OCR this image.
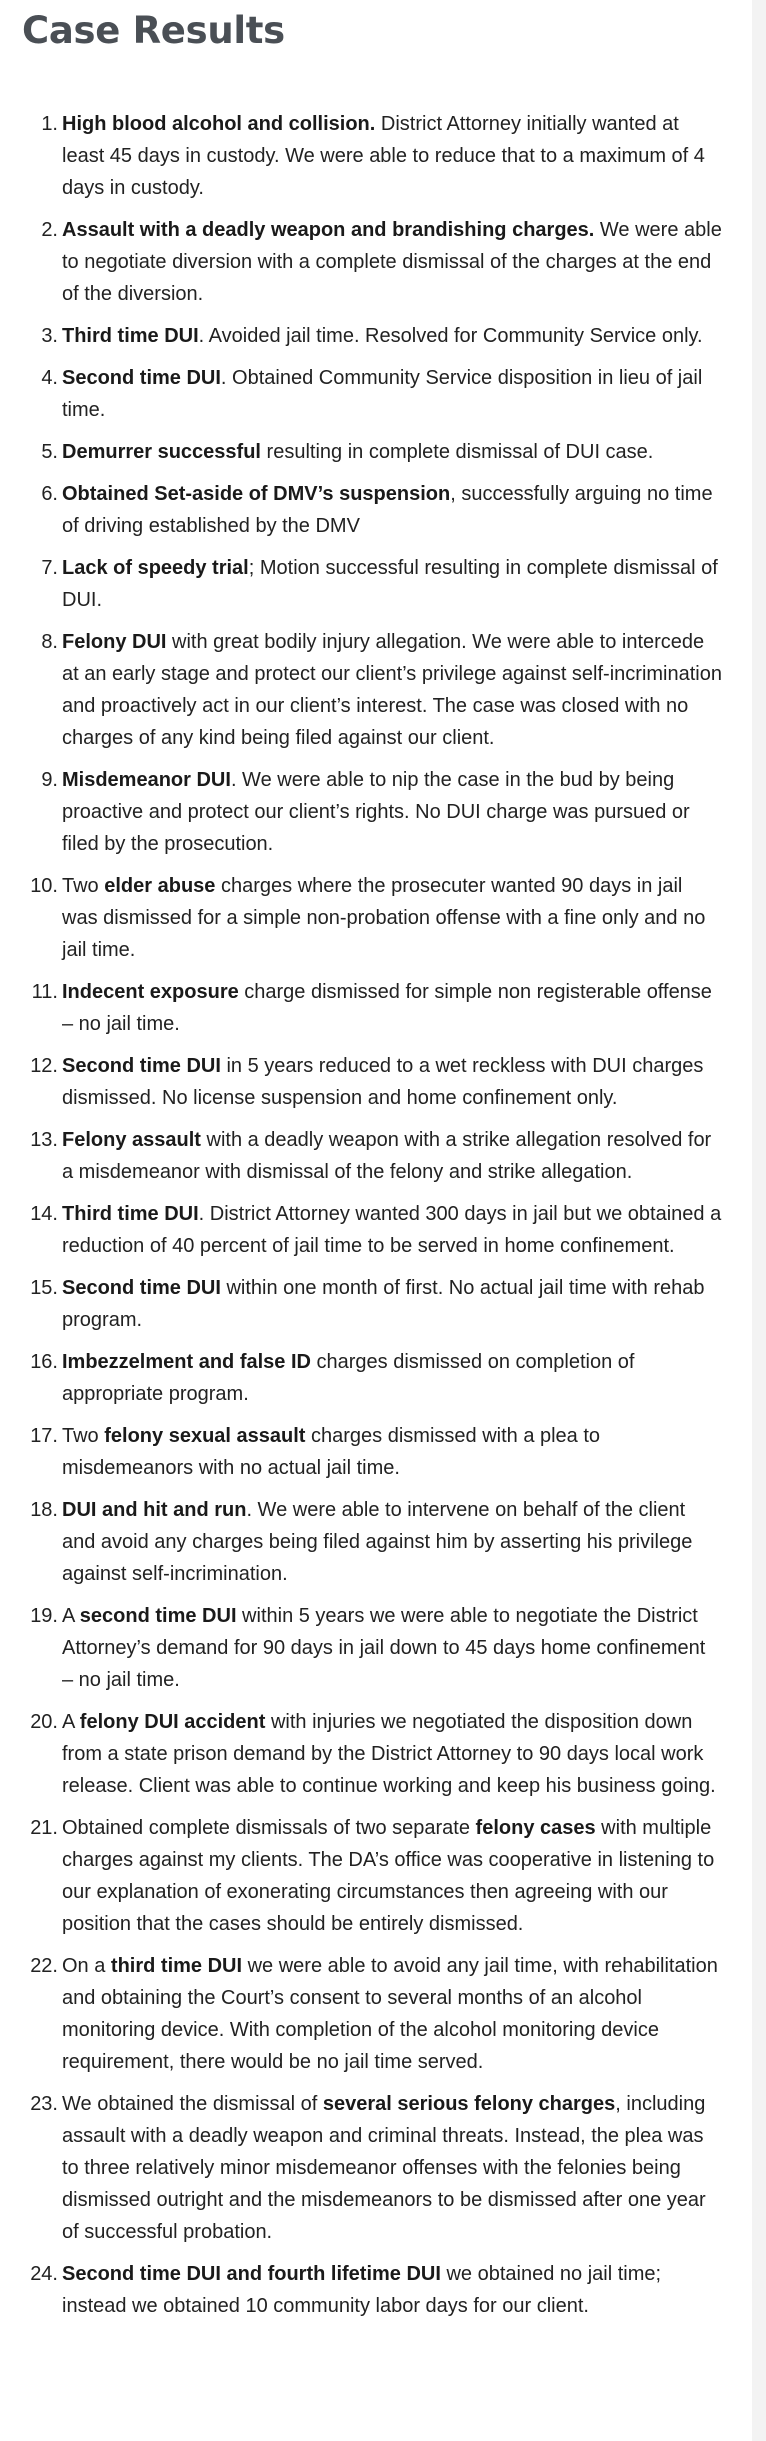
Case Results
1. High blood alcohol and collision. District Attorney initially wanted at least 45 days in custody. We were able to reduce that to a maximum of 4 days in custody.
2. Assault with a deadly weapon and brandishing charges. We were able to negotiate diversion with a complete dismissal of the charges at the end of the diversion.
3. Third time DUI. Avoided jail time. Resolved for Community Service only.
4. Second time DUI. Obtained Community Service disposition in lieu of jail time.
5. Demurrer successful resulting in complete dismissal of DUI case.
6. Obtained Set-aside of DMV’s suspension, successfully arguing no time of driving established by the DMV
7. Lack of speedy trial; Motion successful resulting in complete dismissal of DUI.
8. Felony DUI with great bodily injury allegation. We were able to intercede at an early stage and protect our client’s privilege against self-incrimination and proactively act in our client’s interest. The case was closed with no charges of any kind being filed against our client.
9. Misdemeanor DUI. We were able to nip the case in the bud by being proactive and protect our client’s rights. No DUI charge was pursued or filed by the prosecution.
10. Two elder abuse charges where the prosecuter wanted 90 days in jail was dismissed for a simple non-probation offense with a fine only and no jail time.
11. Indecent exposure charge dismissed for simple non registerable offense – no jail time.
12. Second time DUI in 5 years reduced to a wet reckless with DUI charges dismissed. No license suspension and home confinement only.
13. Felony assault with a deadly weapon with a strike allegation resolved for a misdemeanor with dismissal of the felony and strike allegation.
14. Third time DUI. District Attorney wanted 300 days in jail but we obtained a reduction of 40 percent of jail time to be served in home confinement.
15. Second time DUI within one month of first. No actual jail time with rehab program.
16. Imbezzelment and false ID charges dismissed on completion of appropriate program.
17. Two felony sexual assault charges dismissed with a plea to misdemeanors with no actual jail time.
18. DUI and hit and run. We were able to intervene on behalf of the client and avoid any charges being filed against him by asserting his privilege against self-incrimination.
19. A second time DUI within 5 years we were able to negotiate the District Attorney’s demand for 90 days in jail down to 45 days home confinement – no jail time.
20. A felony DUI accident with injuries we negotiated the disposition down from a state prison demand by the District Attorney to 90 days local work release. Client was able to continue working and keep his business going.
21. Obtained complete dismissals of two separate felony cases with multiple charges against my clients. The DA’s office was cooperative in listening to our explanation of exonerating circumstances then agreeing with our position that the cases should be entirely dismissed.
22. On a third time DUI we were able to avoid any jail time, with rehabilitation and obtaining the Court’s consent to several months of an alcohol monitoring device. With completion of the alcohol monitoring device requirement, there would be no jail time served.
23. We obtained the dismissal of several serious felony charges, including assault with a deadly weapon and criminal threats. Instead, the plea was to three relatively minor misdemeanor offenses with the felonies being dismissed outright and the misdemeanors to be dismissed after one year of successful probation.
24. Second time DUI and fourth lifetime DUI we obtained no jail time; instead we obtained 10 community labor days for our client.
